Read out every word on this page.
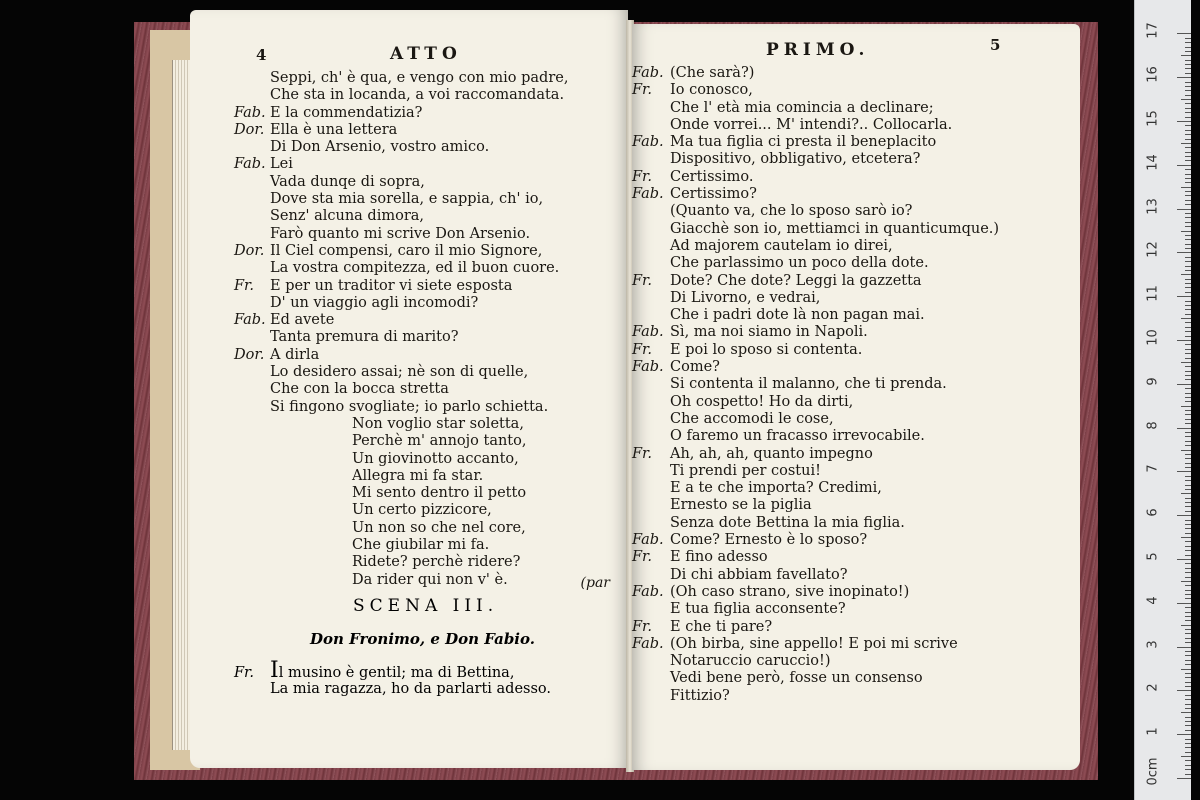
4	ATTO
Seppi, ch' è qua, e vengo con mio padre,
Che sta in locanda, a voi raccomandata.
Fab. E la commendatizia?
Dor. Ella è una lettera
Di Don Arsenio, vostro amico.
Fab. Lei
Vada dunqe di sopra,
Dove sta mia sorella, e sappia, ch' io,
Senz' alcuna dimora,
Farò quanto mi scrive Don Arsenio.
Dor. Il Ciel compensi, caro il mio Signore,
La vostra compitezza, ed il buon cuore.
Fr. E per un traditor vi siete esposta
D' un viaggio agli incomodi?
Fab. Ed avete
Tanta premura di marito?
Dor. A dirla
Lo desidero assai; nè son di quelle,
Che con la bocca stretta
Si fingono svogliate; io parlo schietta.
Non voglio star soletta,
Perchè m' annojo tanto,
Un giovinotto accanto,
Allegra mi fa star.
Mi sento dentro il petto
Un certo pizzicore,
Un non so che nel core,
Che giubilar mi fa.
Ridete? perchè ridere?
Da rider qui non v' è.	(par
PRIMO.	5
Fab. (Che sarà?)
Fr. Io conosco,
Che l' età mia comincia a declinare;
Onde vorrei... M' intendi?.. Collocarla.
Fab. Ma tua figlia ci presta il beneplacito
Dispositivo, obbligativo, etcetera?
Fr. Certissimo.
Fab. Certissimo?
(Quanto va, che lo sposo sarò io?
Giacchè son io, mettiamci in quanticumque.)
Ad majorem cautelam io direi,
Che parlassimo un poco della dote.
Fr. Dote? Che dote? Leggi la gazzetta
Di Livorno, e vedrai,
Che i padri dote là non pagan mai.
Fab. Sì, ma noi siamo in Napoli.
Fr. E poi lo sposo si contenta.
Fab. Come?
Si contenta il malanno, che ti prenda.
Oh cospetto! Ho da dirti,
Che accomodi le cose,
O faremo un fracasso irrevocabile.
Fr. Ah, ah, ah, quanto impegno
Ti prendi per costui!
E a te che importa? Credimi,
Ernesto se la piglia
Senza dote Bettina la mia figlia.
Fab. Come? Ernesto è lo sposo?
Fr. E fino adesso
Di chi abbiam favellato?
Fab. (Oh caso strano, sive inopinato!)
E tua figlia acconsente?
Fr. E che ti pare?
Fab. (Oh birba, sine appello! E poi mi scrive
Notaruccio caruccio!)
Vedi bene però, fosse un consenso
Fittizio?
SCENA III.
Don Fronimo, e Don Fabio.
Fr. Il musino è gentil; ma di Bettina,
La mia ragazza, ho da parlarti adesso.
0cm
1
2
3
4
5
6
7
8
9
10
11
12
13
14
15
16
17
